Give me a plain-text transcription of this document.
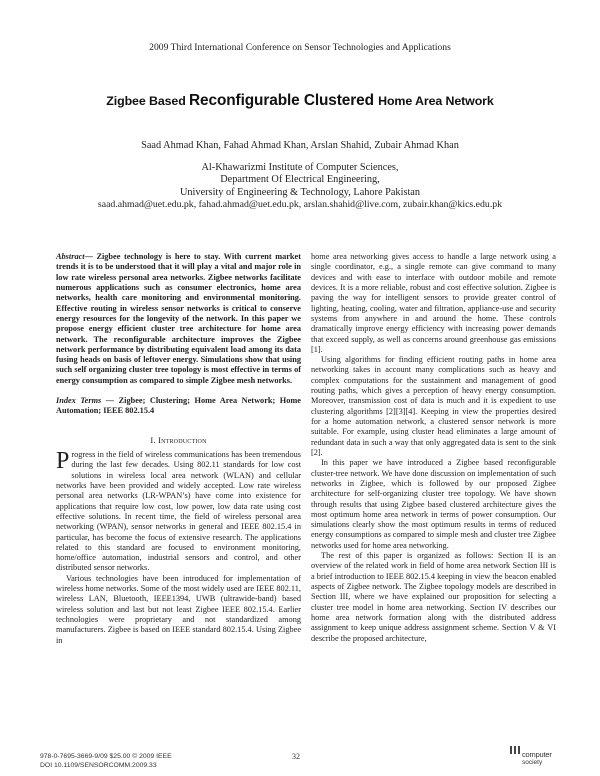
2009 Third International Conference on Sensor Technologies and Applications
Zigbee Based Reconfigurable Clustered Home Area Network
Saad Ahmad Khan, Fahad Ahmad Khan, Arslan Shahid, Zubair Ahmad Khan
Al-Khawarizmi Institute of Computer Sciences,
Department Of Electrical Engineering,
University of Engineering & Technology, Lahore Pakistan
saad.ahmad@uet.edu.pk, fahad.ahmad@uet.edu.pk, arslan.shahid@live.com, zubair.khan@kics.edu.pk

Abstract— Zigbee technology is here to stay. With current market trends it is to be understood that it will play a vital and major role in low rate wireless personal area networks. Zigbee networks facilitate numerous applications such as consumer electronics, home area networks, health care monitoring and environmental monitoring. Effective routing in wireless sensor networks is critical to conserve energy resources for the longevity of the network. In this paper we propose energy efficient cluster tree architecture for home area network. The reconfigurable architecture improves the Zigbee network performance by distributing equivalent load among its data fusing heads on basis of leftover energy. Simulations show that using such self organizing cluster tree topology is most effective in terms of energy consumption as compared to simple Zigbee mesh networks.

Index Terms — Zigbee; Clustering; Home Area Network; Home Automation; IEEE 802.15.4

I. Introduction

Progress in the field of wireless communications has been tremendous during the last few decades. Using 802.11 standards for low cost solutions in wireless local area network (WLAN) and cellular networks have been provided and widely accepted. Low rate wireless personal area networks (LR-WPAN’s) have come into existence for applications that require low cost, low power, low data rate using cost effective solutions. In recent time, the field of wireless personal area networking (WPAN), sensor networks in general and IEEE 802.15.4 in particular, has become the focus of extensive research. The applications related to this standard are focused to environment monitoring, home/office automation, industrial sensors and control, and other distributed sensor networks.

Various technologies have been introduced for implementation of wireless home networks. Some of the most widely used are IEEE 802.11, wireless LAN, Bluetooth, IEEE1394, UWB (ultrawide-band) based wireless solution and last but not least Zigbee IEEE 802.15.4. Earlier technologies were proprietary and not standardized among manufacturers. Zigbee is based on IEEE standard 802.15.4. Using Zigbee in

home area networking gives access to handle a large network using a single coordinator, e.g., a single remote can give command to many devices and with ease to interface with outdoor mobile and remote devices. It is a more reliable, robust and cost effective solution. Zigbee is paving the way for intelligent sensors to provide greater control of lighting, heating, cooling, water and filtration, appliance-use and security systems from anywhere in and around the home. These controls dramatically improve energy efficiency with increasing power demands that exceed supply, as well as concerns around greenhouse gas emissions [1].

Using algorithms for finding efficient routing paths in home area networking takes in account many complications such as heavy and complex computations for the sustainment and management of good routing paths, which gives a perception of heavy energy consumption. Moreover, transmission cost of data is much and it is expedient to use clustering algorithms [2][3][4]. Keeping in view the properties desired for a home automation network, a clustered sensor network is more suitable. For example, using cluster head eliminates a large amount of redundant data in such a way that only aggregated data is sent to the sink [2].

In this paper we have introduced a Zigbee based reconfigurable cluster-tree network. We have done discussion on implementation of such networks in Zigbee, which is followed by our proposed Zigbee architecture for self-organizing cluster tree topology. We have shown through results that using Zigbee based clustered architecture gives the most optimum home area network in terms of power consumption. Our simulations clearly show the most optimum results in terms of reduced energy consumptions as compared to simple mesh and cluster tree Zigbee networks used for home area networking.

The rest of this paper is organized as follows: Section II is an overview of the related work in field of home area network Section III is a brief introduction to IEEE 802.15.4 keeping in view the beacon enabled aspects of Zigbee network. The Zigbee topology models are described in Section III, where we have explained our proposition for selecting a cluster tree model in home area networking. Section IV describes our home area network formation along with the distributed address assignment to keep unique address assignment scheme. Section V & VI describe the proposed architecture,

978-0-7695-3669-9/09 $25.00 © 2009 IEEE
DOI 10.1109/SENSORCOMM.2009.33
32	computer
society
